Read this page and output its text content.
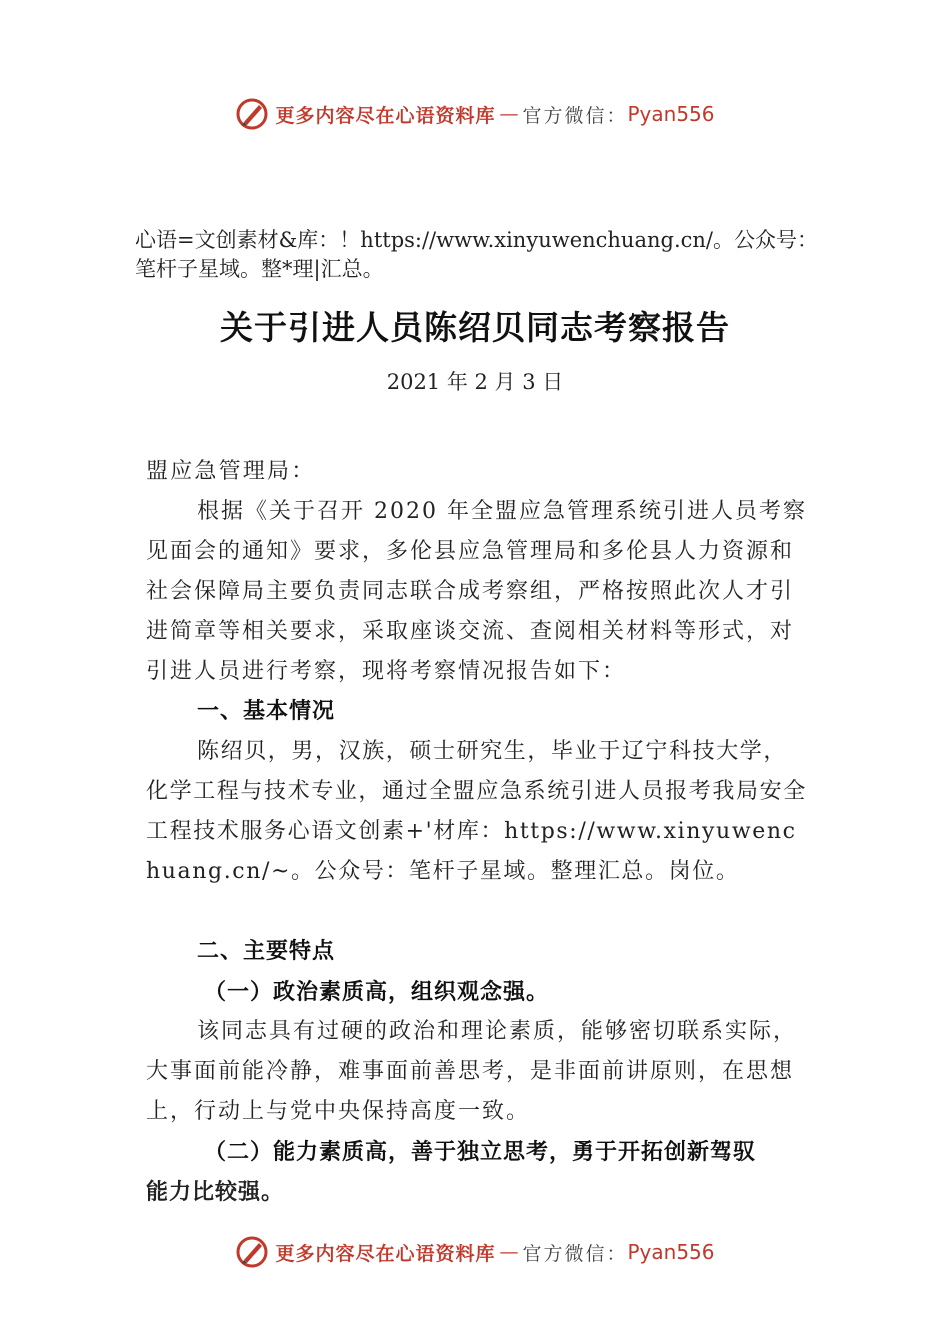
更多内容尽在心语资料库 — 官方微信： Pyan556
心语=文创素材&库：！https://www.xinyuwenchuang.cn/。公众号：笔杆子星域。整*理|汇总。
关于引进人员陈绍贝同志考察报告
2021 年 2 月 3 日
盟应急管理局：
根据《关于召开 2020 年全盟应急管理系统引进人员考察见面会的通知》要求，多伦县应急管理局和多伦县人力资源和社会保障局主要负责同志联合成考察组，严格按照此次人才引进简章等相关要求，采取座谈交流、查阅相关材料等形式，对引进人员进行考察，现将考察情况报告如下：
一、基本情况
陈绍贝，男，汉族，硕士研究生，毕业于辽宁科技大学， 化学工程与技术专业，通过全盟应急系统引进人员报考我局安全工程技术服务心语文创素+'材库：https://www.xinyuwenchuang.cn/~。公众号：笔杆子星域。整理汇总。岗位。
二、主要特点
（一）政治素质高，组织观念强。
该同志具有过硬的政治和理论素质，能够密切联系实际，大事面前能冷静，难事面前善思考，是非面前讲原则，在思想上，行动上与党中央保持高度一致。
（二）能力素质高，善于独立思考，勇于开拓创新驾驭
能力比较强。
更多内容尽在心语资料库 — 官方微信： Pyan556
